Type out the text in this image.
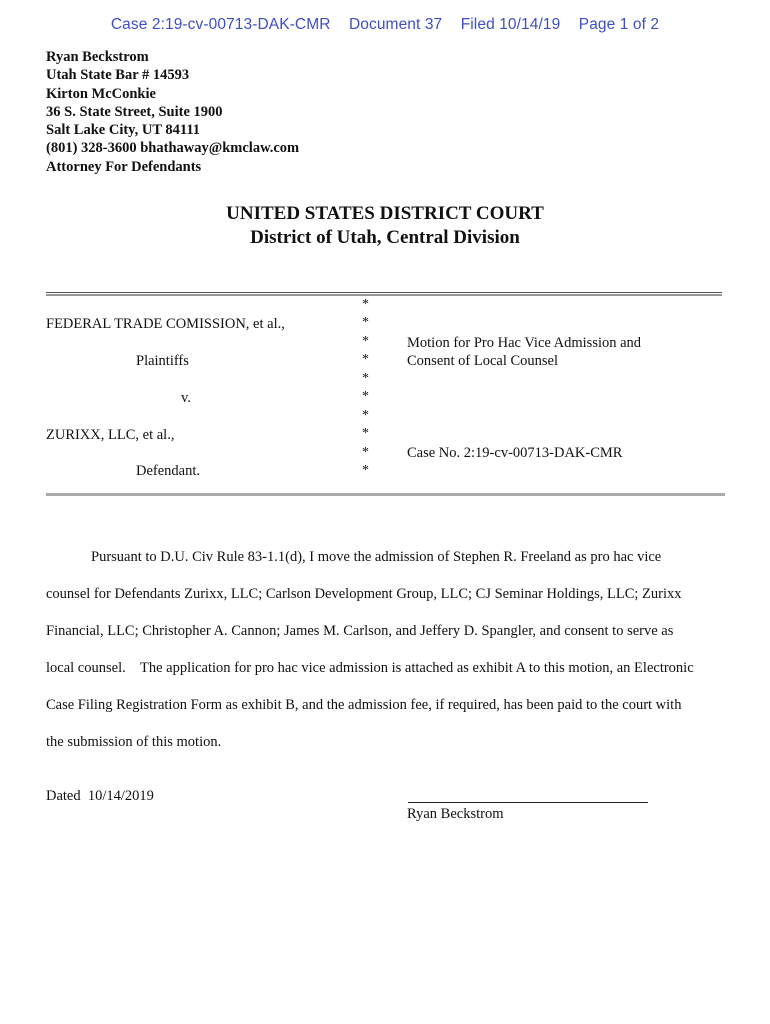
Case 2:19-cv-00713-DAK-CMR Document 37 Filed 10/14/19 Page 1 of 2
Ryan Beckstrom
Utah State Bar # 14593
Kirton McConkie
36 S. State Street, Suite 1900
Salt Lake City, UT 84111
(801) 328-3600 bhathaway@kmclaw.com
Attorney For Defendants
UNITED STATES DISTRICT COURT
District of Utah, Central Division
*
*
*
*
*
*
*
*
*
*
FEDERAL TRADE COMISSION, et al.,
Plaintiffs
v.
ZURIXX, LLC, et al.,
Defendant.
Motion for Pro Hac Vice Admission and
Consent of Local Counsel
Case No. 2:19-cv-00713-DAK-CMR
Pursuant to D.U. Civ Rule 83-1.1(d), I move the admission of Stephen R. Freeland as pro hac vice
counsel for Defendants Zurixx, LLC; Carlson Development Group, LLC; CJ Seminar Holdings, LLC; Zurixx
Financial, LLC; Christopher A. Cannon; James M. Carlson, and Jeffery D. Spangler, and consent to serve as
local counsel.    The application for pro hac vice admission is attached as exhibit A to this motion, an Electronic
Case Filing Registration Form as exhibit B, and the admission fee, if required, has been paid to the court with
the submission of this motion.
Dated  10/14/2019
Ryan Beckstrom
